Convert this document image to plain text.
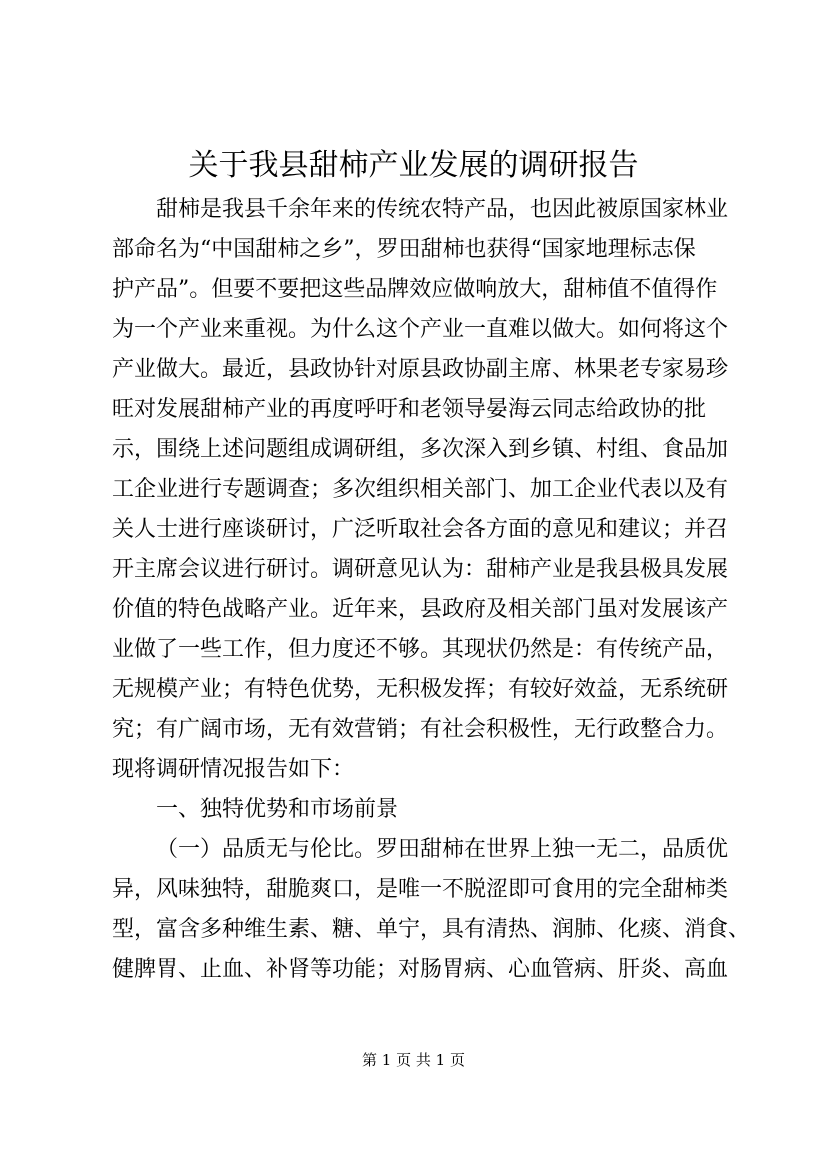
关于我县甜柿产业发展的调研报告
甜柿是我县千余年来的传统农特产品，也因此被原国家林业
部命名为“中国甜柿之乡”，罗田甜柿也获得“国家地理标志保
护产品”。但要不要把这些品牌效应做响放大，甜柿值不值得作
为一个产业来重视。为什么这个产业一直难以做大。如何将这个
产业做大。最近，县政协针对原县政协副主席、林果老专家易珍
旺对发展甜柿产业的再度呼吁和老领导晏海云同志给政协的批
示，围绕上述问题组成调研组，多次深入到乡镇、村组、食品加
工企业进行专题调查；多次组织相关部门、加工企业代表以及有
关人士进行座谈研讨，广泛听取社会各方面的意见和建议；并召
开主席会议进行研讨。调研意见认为：甜柿产业是我县极具发展
价值的特色战略产业。近年来，县政府及相关部门虽对发展该产
业做了一些工作，但力度还不够。其现状仍然是：有传统产品，
无规模产业；有特色优势，无积极发挥；有较好效益，无系统研
究；有广阔市场，无有效营销；有社会积极性，无行政整合力。
现将调研情况报告如下：
一、独特优势和市场前景
（一）品质无与伦比。罗田甜柿在世界上独一无二，品质优
异，风味独特，甜脆爽口，是唯一不脱涩即可食用的完全甜柿类
型，富含多种维生素、糖、单宁，具有清热、润肺、化痰、消食、
健脾胃、止血、补肾等功能；对肠胃病、心血管病、肝炎、高血
第 1 页 共 1 页
